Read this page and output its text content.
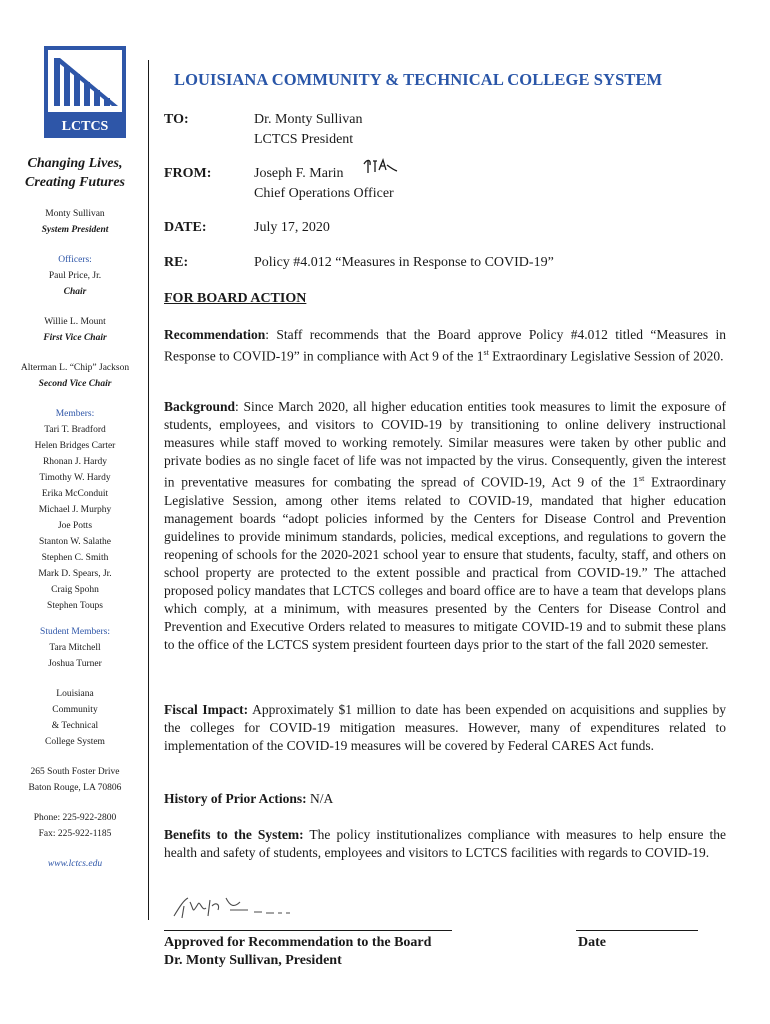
LCTCS
Changing Lives,
Creating Futures
Monty Sullivan
System President
Officers:
Paul Price, Jr.
Chair
Willie L. Mount
First Vice Chair
Alterman L. “Chip” Jackson
Second Vice Chair
Members:
Tari T. Bradford
Helen Bridges Carter
Rhonan J. Hardy
Timothy W. Hardy
Erika McConduit
Michael J. Murphy
Joe Potts
Stanton W. Salathe
Stephen C. Smith
Mark D. Spears, Jr.
Craig Spohn
Stephen Toups
Student Members:
Tara Mitchell
Joshua Turner
Louisiana
Community
& Technical
College System
265 South Foster Drive
Baton Rouge, LA 70806
Phone: 225-922-2800
Fax: 225-922-1185
www.lctcs.edu
LOUISIANA COMMUNITY & TECHNICAL COLLEGE SYSTEM
TO:	Dr. Monty Sullivan
LCTCS President
FROM:	Joseph F. Marin
Chief Operations Officer
DATE:	July 17, 2020
RE:	Policy #4.012 “Measures in Response to COVID-19”
FOR BOARD ACTION
Recommendation: Staff recommends that the Board approve Policy #4.012 titled “Measures in Response to COVID-19” in compliance with Act 9 of the 1st Extraordinary Legislative Session of 2020.
Background: Since March 2020, all higher education entities took measures to limit the exposure of students, employees, and visitors to COVID-19 by transitioning to online delivery instructional measures while staff moved to working remotely. Similar measures were taken by other public and private bodies as no single facet of life was not impacted by the virus. Consequently, given the interest in preventative measures for combating the spread of COVID-19, Act 9 of the 1st Extraordinary Legislative Session, among other items related to COVID-19, mandated that higher education management boards “adopt policies informed by the Centers for Disease Control and Prevention guidelines to provide minimum standards, policies, medical exceptions, and regulations to govern the reopening of schools for the 2020-2021 school year to ensure that students, faculty, staff, and others on school property are protected to the extent possible and practical from COVID-19.” The attached proposed policy mandates that LCTCS colleges and board office are to have a team that develops plans which comply, at a minimum, with measures presented by the Centers for Disease Control and Prevention and Executive Orders related to measures to mitigate COVID-19 and to submit these plans to the office of the LCTCS system president fourteen days prior to the start of the fall 2020 semester.
Fiscal Impact: Approximately $1 million to date has been expended on acquisitions and supplies by the colleges for COVID-19 mitigation measures. However, many of expenditures related to implementation of the COVID-19 measures will be covered by Federal CARES Act funds.
History of Prior Actions: N/A
Benefits to the System: The policy institutionalizes compliance with measures to help ensure the health and safety of students, employees and visitors to LCTCS facilities with regards to COVID-19.
Approved for Recommendation to the Board
Dr. Monty Sullivan, President
Date
